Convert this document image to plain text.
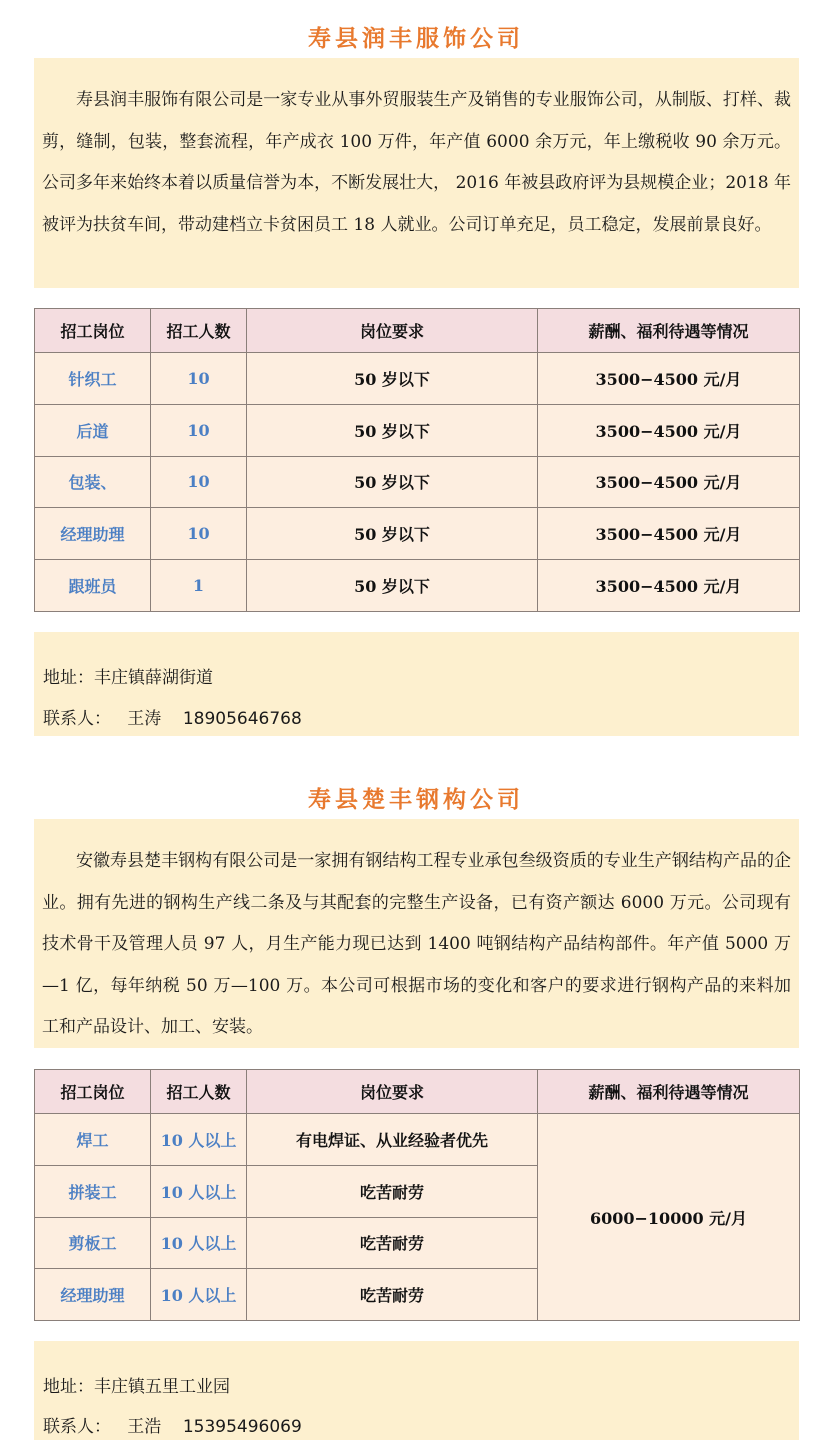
寿县润丰服饰公司

寿县润丰服饰有限公司是一家专业从事外贸服装生产及销售的专业服饰公司，从制版、打样、裁剪，缝制，包装，整套流程，年产成衣 100 万件，年产值 6000 余万元，年上缴税收 90 余万元。公司多年来始终本着以质量信誉为本，不断发展壮大， 2016 年被县政府评为县规模企业；2018 年被评为扶贫车间，带动建档立卡贫困员工 18 人就业。公司订单充足，员工稳定，发展前景良好。

招工岗位	招工人数	岗位要求	薪酬、福利待遇等情况
针织工	10	50 岁以下	3500−4500 元/月
后道	10	50 岁以下	3500−4500 元/月
包装、	10	50 岁以下	3500−4500 元/月
经理助理	10	50 岁以下	3500−4500 元/月
跟班员	1	50 岁以下	3500−4500 元/月
地址：丰庄镇薛湖街道
联系人：   王涛    18905646768
寿县楚丰钢构公司

安徽寿县楚丰钢构有限公司是一家拥有钢结构工程专业承包叁级资质的专业生产钢结构产品的企业。拥有先进的钢构生产线二条及与其配套的完整生产设备，已有资产额达 6000 万元。公司现有技术骨干及管理人员 97 人，月生产能力现已达到 1400 吨钢结构产品结构部件。年产值 5000 万—1 亿，每年纳税 50 万—100 万。本公司可根据市场的变化和客户的要求进行钢构产品的来料加工和产品设计、加工、安装。

招工岗位	招工人数	岗位要求	薪酬、福利待遇等情况
焊工	10 人以上	有电焊证、从业经验者优先	6000−10000 元/月
拼装工	10 人以上	吃苦耐劳	
剪板工	10 人以上	吃苦耐劳	
经理助理	10 人以上	吃苦耐劳	
地址：丰庄镇五里工业园
联系人：   王浩    15395496069
